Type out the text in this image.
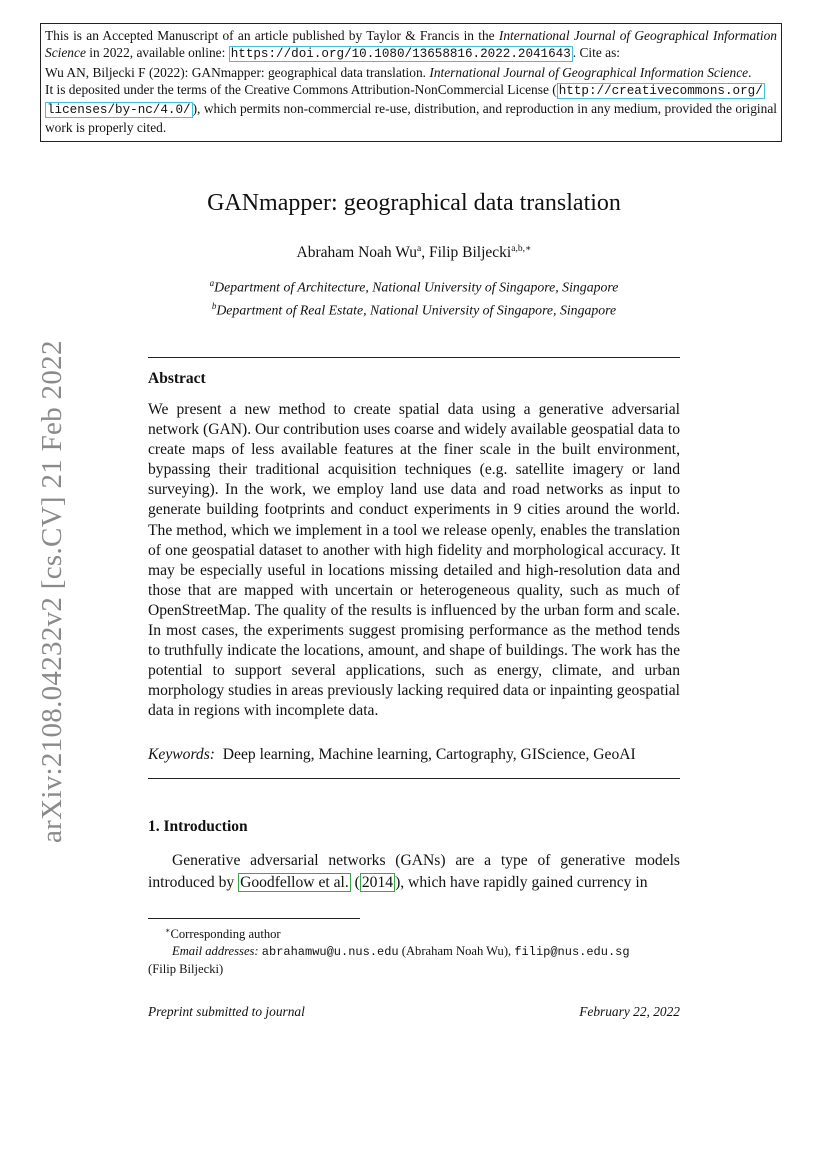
This is an Accepted Manuscript of an article published by Taylor & Francis in the International Journal of Geographical Information Science in 2022, available online: https://doi.org/10.1080/13658816.2022.2041643 . Cite as:
Wu AN, Biljecki F (2022): GANmapper: geographical data translation. International Journal of Geographical Information Science.
It is deposited under the terms of the Creative Commons Attribution-NonCommercial License ( http://creativecommons.org/
licenses/by-nc/4.0/ ), which permits non-commercial re-use, distribution, and reproduction in any medium, provided the original work is properly cited.
arXiv:2108.04232v2 [cs.CV] 21 Feb 2022
GANmapper: geographical data translation
Abraham Noah Wu$^a$, Filip Biljecki$^{a,b,∗}$
$^a$Department of Architecture, National University of Singapore, Singapore
$^b$Department of Real Estate, National University of Singapore, Singapore
Abstract
We present a new method to create spatial data using a generative adversarial network (GAN). Our contribution uses coarse and widely available geospatial data to create maps of less available features at the finer scale in the built environment, bypassing their traditional acquisition techniques (e.g. satellite imagery or land surveying). In the work, we employ land use data and road networks as input to generate building footprints and conduct experiments in 9 cities around the world. The method, which we implement in a tool we release openly, enables the translation of one geospatial dataset to another with high fidelity and morphological accuracy. It may be especially useful in locations missing detailed and high-resolution data and those that are mapped with uncertain or heterogeneous quality, such as much of OpenStreetMap. The quality of the results is influenced by the urban form and scale. In most cases, the experiments suggest promising performance as the method tends to truthfully indicate the locations, amount, and shape of buildings. The work has the potential to support several applications, such as energy, climate, and urban morphology studies in areas previously lacking required data or inpainting geospatial data in regions with incomplete data.
Keywords: Deep learning, Machine learning, Cartography, GIScience, GeoAI
1. Introduction
Generative adversarial networks (GANs) are a type of generative models introduced by Goodfellow et al. ( 2014 ), which have rapidly gained currency in
∗Corresponding author
Email addresses: abrahamwu@u.nus.edu (Abraham Noah Wu), filip@nus.edu.sg
(Filip Biljecki)
Preprint submitted to journal	February 22, 2022
